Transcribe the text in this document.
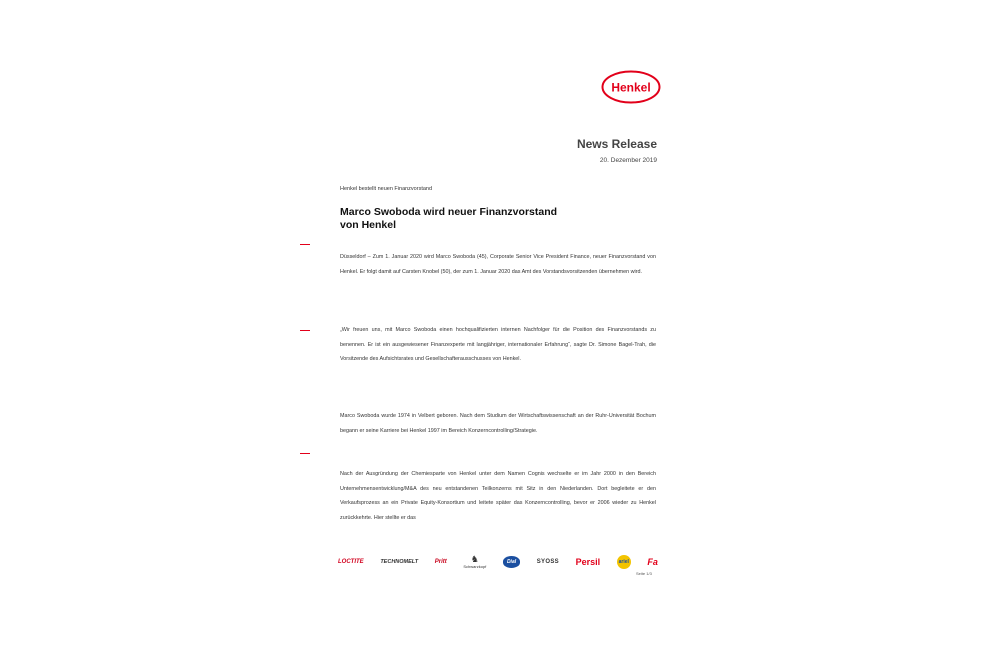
Henkel
News Release
20. Dezember 2019
Henkel bestellt neuen Finanzvorstand
Marco Swoboda wird neuer Finanzvorstand
von Henkel
Düsseldorf – Zum 1. Januar 2020 wird Marco Swoboda (45), Corporate Senior Vice President Finance, neuer Finanzvorstand von Henkel. Er folgt damit auf Carsten Knobel (50), der zum 1. Januar 2020 das Amt des Vorstandsvorsitzenden übernehmen wird.
„Wir freuen uns, mit Marco Swoboda einen hochqualifizierten internen Nachfolger für die Position des Finanzvorstands zu benennen. Er ist ein ausgewiesener Finanzexperte mit langjähriger, internationaler Erfahrung“, sagte Dr. Simone Bagel-Trah, die Vorsitzende des Aufsichtsrates und Gesellschafterausschusses von Henkel.
Marco Swoboda wurde 1974 in Velbert geboren. Nach dem Studium der Wirtschaftswissenschaft an der Ruhr-Universität Bochum begann er seine Karriere bei Henkel 1997 im Bereich Konzerncontrolling/Strategie.
Nach der Ausgründung der Chemiesparte von Henkel unter dem Namen Cognis wechselte er im Jahr 2000 in den Bereich Unternehmensentwicklung/M&A des neu entstandenen Teilkonzerns mit Sitz in den Niederlanden. Dort begleitete er den Verkaufsprozess an ein Private Equity-Konsortium und leitete später das Konzerncontrolling, bevor er 2006 wieder zu Henkel zurückkehrte. Hier stellte er das
LOCTITE	TECHNOMELT	Pritt	♞
Schwarzkopf
Dial	SYOSS Persil	ariel Fa
Seite 1/3
